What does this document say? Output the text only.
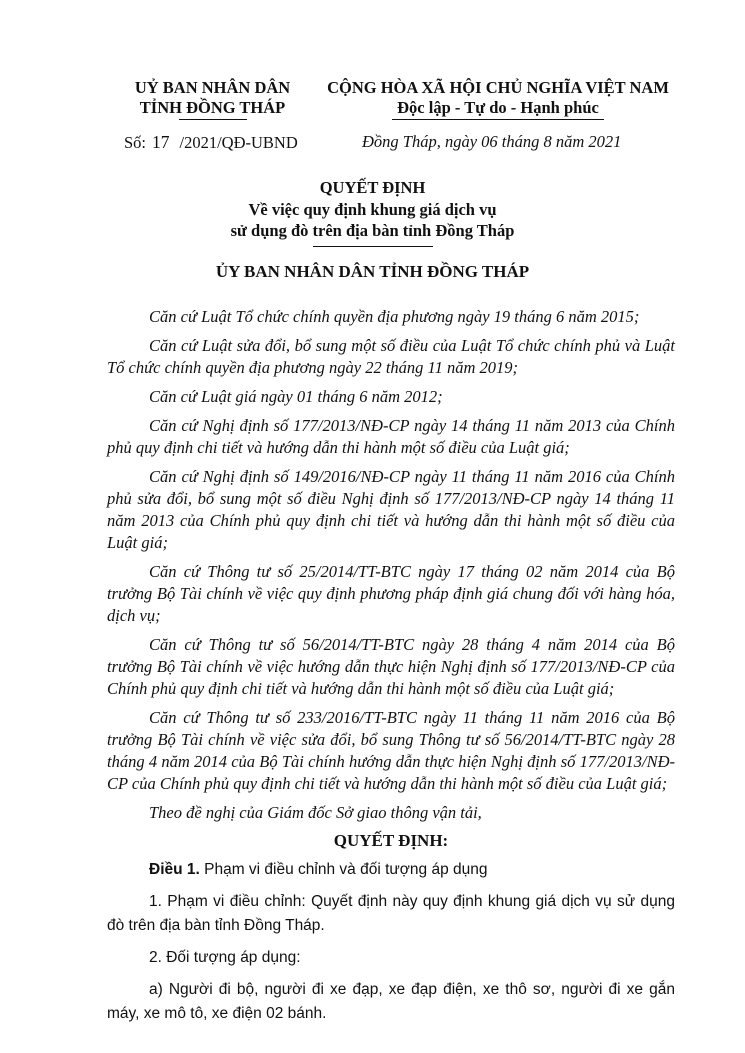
UỶ BAN NHÂN DÂN
TỈNH ĐỒNG THÁP
CỘNG HÒA XÃ HỘI CHỦ NGHĨA VIỆT NAM
Độc lập - Tự do - Hạnh phúc
Số: 17 /2021/QĐ-UBND	Đồng Tháp, ngày 06 tháng 8 năm 2021
QUYẾT ĐỊNH
Về việc quy định khung giá dịch vụ
sử dụng đò trên địa bàn tỉnh Đồng Tháp
ỦY BAN NHÂN DÂN TỈNH ĐỒNG THÁP

Căn cứ Luật Tổ chức chính quyền địa phương ngày 19 tháng 6 năm 2015;

Căn cứ Luật sửa đổi, bổ sung một số điều của Luật Tổ chức chính phủ và Luật Tổ chức chính quyền địa phương ngày 22 tháng 11 năm 2019;

Căn cứ Luật giá ngày 01 tháng 6 năm 2012;

Căn cứ Nghị định số 177/2013/NĐ-CP ngày 14 tháng 11 năm 2013 của Chính phủ quy định chi tiết và hướng dẫn thi hành một số điều của Luật giá;

Căn cứ Nghị định số 149/2016/NĐ-CP ngày 11 tháng 11 năm 2016 của Chính phủ sửa đổi, bổ sung một số điều Nghị định số 177/2013/NĐ-CP ngày 14 tháng 11 năm 2013 của Chính phủ quy định chi tiết và hướng dẫn thi hành một số điều của Luật giá;

Căn cứ Thông tư số 25/2014/TT-BTC ngày 17 tháng 02 năm 2014 của Bộ trưởng Bộ Tài chính về việc quy định phương pháp định giá chung đối với hàng hóa, dịch vụ;

Căn cứ Thông tư số 56/2014/TT-BTC ngày 28 tháng 4 năm 2014 của Bộ trưởng Bộ Tài chính về việc hướng dẫn thực hiện Nghị định số 177/2013/NĐ-CP của Chính phủ quy định chi tiết và hướng dẫn thi hành một số điều của Luật giá;

Căn cứ Thông tư số 233/2016/TT-BTC ngày 11 tháng 11 năm 2016 của Bộ trưởng Bộ Tài chính về việc sửa đổi, bổ sung Thông tư số 56/2014/TT-BTC ngày 28 tháng 4 năm 2014 của Bộ Tài chính hướng dẫn thực hiện Nghị định số 177/2013/NĐ-CP của Chính phủ quy định chi tiết và hướng dẫn thi hành một số điều của Luật giá;

Theo đề nghị của Giám đốc Sở giao thông vận tải,

QUYẾT ĐỊNH:

Điều 1. Phạm vi điều chỉnh và đối tượng áp dụng

1. Phạm vi điều chỉnh: Quyết định này quy định khung giá dịch vụ sử dụng đò trên địa bàn tỉnh Đồng Tháp.

2. Đối tượng áp dụng:

a) Người đi bộ, người đi xe đạp, xe đạp điện, xe thô sơ, người đi xe gắn máy, xe mô tô, xe điện 02 bánh.
